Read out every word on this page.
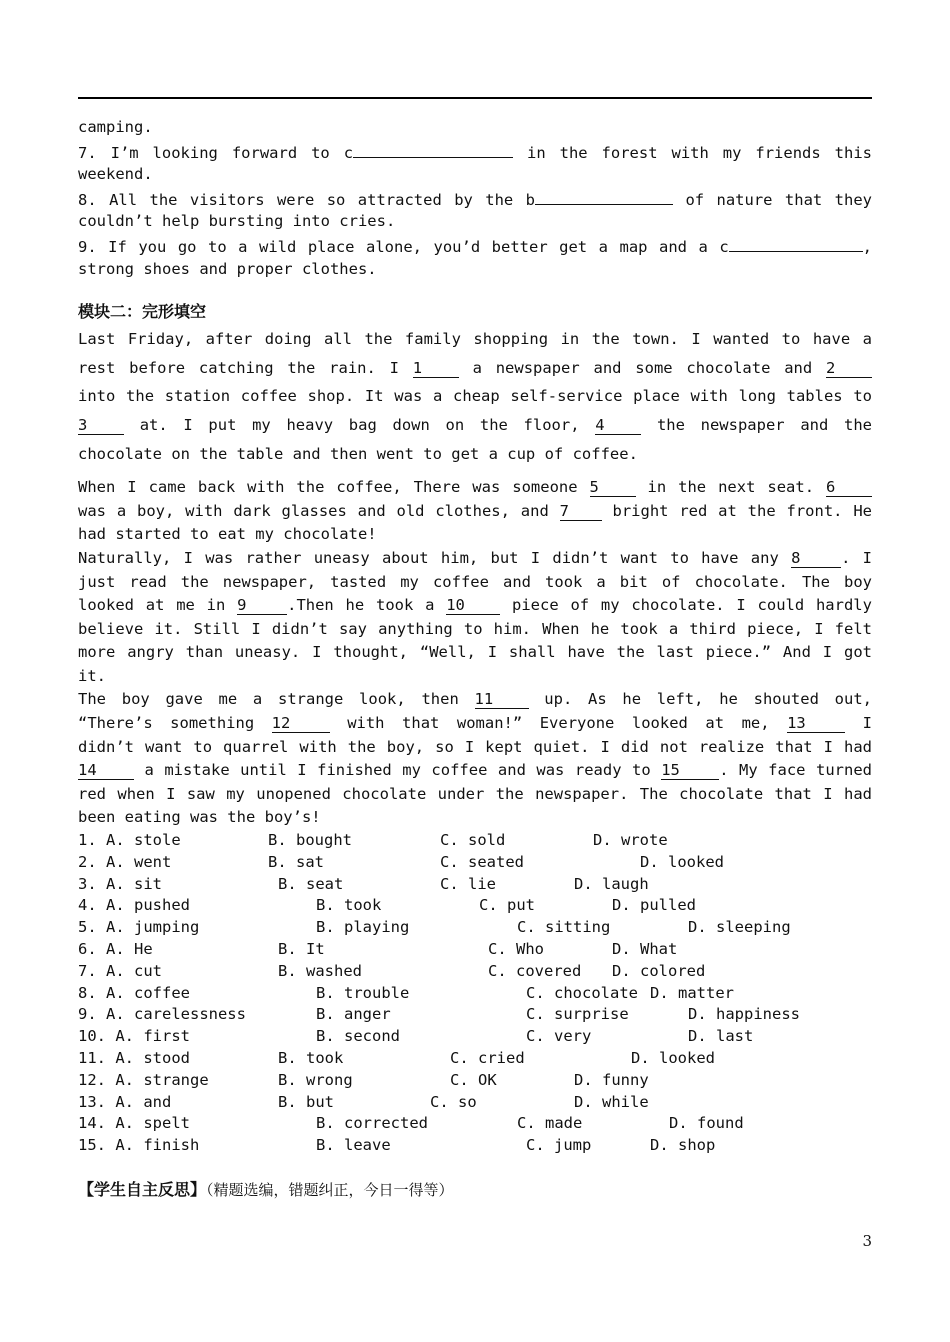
camping.
7. I’m looking forward to c	in the forest with my friends this
weekend.
8. All the visitors were so attracted by the b	of nature that they
couldn’t help bursting into cries.
9. If you go to a wild place alone, you’d better get a map and a c	,
strong shoes and proper clothes.
模块二：完形填空
Last Friday, after doing all the family shopping in the town. I wanted to have a
rest before catching the rain. I 1	a newspaper and some chocolate and 2
into the station coffee shop. It was a cheap self-service place with long tables to
3	at. I put my heavy bag down on the floor, 4	the newspaper and the
chocolate on the table and then went to get a cup of coffee.
When I came back with the coffee, There was someone 5	in the next seat. 6
was a boy, with dark glasses and old clothes, and 7	bright red at the front. He
had started to eat my chocolate!
Naturally, I was rather uneasy about him, but I didn’t want to have any 8	. I
just read the newspaper, tasted my coffee and took a bit of chocolate. The boy
looked at me in 9	.Then he took a 10	piece of my chocolate. I could hardly
believe it. Still I didn’t say anything to him. When he took a third piece, I felt
more angry than uneasy. I thought, “Well, I shall have the last piece.” And I got
it.
The boy gave me a strange look, then 11	up. As he left, he shouted out,
“There’s something 12	with that woman!” Everyone looked at me, 13	I
didn’t want to quarrel with the boy, so I kept quiet. I did not realize that I had
14	a mistake until I finished my coffee and was ready to 15	. My face turned
red when I saw my unopened chocolate under the newspaper. The chocolate that I had
been eating was the boy’s!
1. A. stole	B. bought	C. sold	D. wrote
2. A. went	B. sat	C. seated	D. looked
3. A. sit	B. seat	C. lie	D. laugh
4. A. pushed	B. took	C. put	D. pulled
5. A. jumping	B. playing	C. sitting	D. sleeping
6. A. He	B. It	C. Who	D. What
7. A. cut	B. washed	C. covered D. colored
8. A. coffee	B. trouble	C. chocolate D. matter
9. A. carelessness	B. anger	C. surprise	D. happiness
10. A. first	B. second	C. very	D. last
11. A. stood	B. took	C. cried	D. looked
12. A. strange	B. wrong	C. OK	D. funny
13. A. and	B. but	C. so	D. while
14. A. spelt	B. corrected	C. made	D. found
15. A. finish	B. leave	C. jump	D. shop
【学生自主反思】（精题选编，错题纠正，今日一得等）
3
